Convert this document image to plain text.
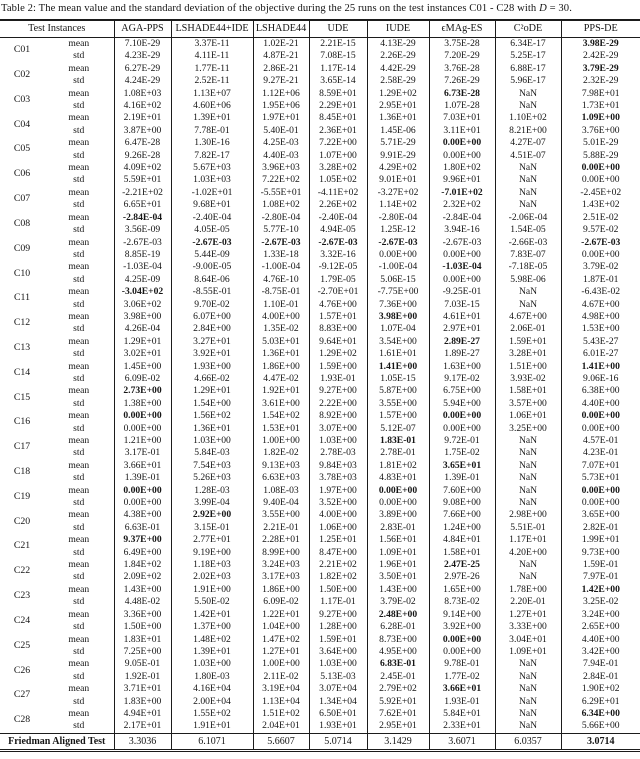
Table 2: The mean value and the standard deviation of the objective during the 25 runs on the test instances C01 - C28 with D = 30.
Test Instances		AGA-PPS	LSHADE44+IDE	LSHADE44	UDE	IUDE	ϵMAg-ES	C²oDE	PPS-DE
C01	mean	7.10E-29	3.37E-11	1.02E-21	2.21E-15	4.13E-29	3.75E-28	6.34E-17	3.98E-29
	std	4.23E-29	4.11E-11	4.87E-21	7.08E-15	2.26E-29	7.20E-29	5.25E-17	2.42E-29
C02	mean	6.27E-29	1.77E-11	2.86E-21	1.17E-14	4.42E-29	3.76E-28	6.88E-17	3.79E-29
	std	4.24E-29	2.52E-11	9.27E-21	3.65E-14	2.58E-29	7.26E-29	5.96E-17	2.32E-29
C03	mean	1.08E+03	1.13E+07	1.12E+06	8.59E+01	1.29E+02	6.73E-28	NaN	7.98E+01
	std	4.16E+02	4.60E+06	1.95E+06	2.29E+01	2.95E+01	1.07E-28	NaN	1.73E+01
C04	mean	2.19E+01	1.39E+01	1.97E+01	8.45E+01	1.36E+01	7.03E+01	1.10E+02	1.09E+00
	std	3.87E+00	7.78E-01	5.40E-01	2.36E+01	1.45E-06	3.11E+01	8.21E+00	3.76E+00
C05	mean	6.47E-28	1.30E-16	4.25E-03	7.22E+00	5.71E-29	0.00E+00	4.27E-07	5.01E-29
	std	9.26E-28	7.82E-17	4.40E-03	1.07E+00	9.91E-29	0.00E+00	4.51E-07	5.88E-29
C06	mean	4.09E+02	5.67E+03	3.96E+03	3.28E+02	4.29E+02	1.80E+02	NaN	0.00E+00
	std	5.59E+01	1.03E+03	7.22E+02	1.05E+02	9.01E+01	9.96E+01	NaN	0.00E+00
C07	mean	-2.21E+02	-1.02E+01	-5.55E+01	-4.11E+02	-3.27E+02	-7.01E+02	NaN	-2.45E+02
	std	6.65E+01	9.68E+01	1.08E+02	2.26E+02	1.14E+02	2.32E+02	NaN	1.43E+02
C08	mean	-2.84E-04	-2.40E-04	-2.80E-04	-2.40E-04	-2.80E-04	-2.84E-04	-2.06E-04	2.51E-02
	std	3.56E-09	4.05E-05	5.77E-10	4.94E-05	1.25E-12	3.94E-16	1.54E-05	9.57E-02
C09	mean	-2.67E-03	-2.67E-03	-2.67E-03	-2.67E-03	-2.67E-03	-2.67E-03	-2.66E-03	-2.67E-03
	std	8.85E-19	5.44E-09	1.33E-18	3.32E-16	0.00E+00	0.00E+00	7.83E-07	0.00E+00
C10	mean	-1.03E-04	-9.00E-05	-1.00E-04	-9.12E-05	-1.00E-04	-1.03E-04	-7.18E-05	3.79E-02
	std	4.25E-09	8.64E-06	4.76E-10	1.79E-05	5.06E-15	0.00E+00	5.98E-06	1.87E-01
C11	mean	-3.04E+02	-8.55E-01	-8.75E-01	-2.70E+01	-7.75E+00	-9.25E-01	NaN	-6.43E-02
	std	3.06E+02	9.70E-02	1.10E-01	4.76E+00	7.36E+00	7.03E-15	NaN	4.67E+00
C12	mean	3.98E+00	6.07E+00	4.00E+00	1.57E+01	3.98E+00	4.61E+01	4.67E+00	4.98E+00
	std	4.26E-04	2.84E+00	1.35E-02	8.83E+00	1.07E-04	2.97E+01	2.06E-01	1.53E+00
C13	mean	1.29E+01	3.27E+01	5.03E+01	9.64E+01	3.54E+00	2.89E-27	1.59E+01	5.43E-27
	std	3.02E+01	3.92E+01	1.36E+01	1.29E+02	1.61E+01	1.89E-27	3.28E+01	6.01E-27
C14	mean	1.45E+00	1.93E+00	1.86E+00	1.59E+00	1.41E+00	1.63E+00	1.51E+00	1.41E+00
	std	6.09E-02	4.66E-02	4.47E-02	1.93E-01	1.05E-15	9.17E-02	3.93E-02	9.06E-16
C15	mean	2.73E+00	1.29E+01	1.92E+01	9.27E+00	5.87E+00	6.75E+00	1.58E+01	6.38E+00
	std	1.38E+00	1.54E+00	3.61E+00	2.22E+00	3.55E+00	5.94E+00	3.57E+00	4.40E+00
C16	mean	0.00E+00	1.56E+02	1.54E+02	8.92E+00	1.57E+00	0.00E+00	1.06E+01	0.00E+00
	std	0.00E+00	1.36E+01	1.53E+01	3.07E+00	5.12E-07	0.00E+00	3.25E+00	0.00E+00
C17	mean	1.21E+00	1.03E+00	1.00E+00	1.03E+00	1.83E-01	9.72E-01	NaN	4.57E-01
	std	3.17E-01	5.84E-03	1.82E-02	2.78E-03	2.78E-01	1.75E-02	NaN	4.23E-01
C18	mean	3.66E+01	7.54E+03	9.13E+03	9.84E+03	1.81E+02	3.65E+01	NaN	7.07E+01
	std	1.39E-01	5.26E+03	6.63E+03	3.78E+03	4.83E+01	1.39E-01	NaN	5.73E+01
C19	mean	0.00E+00	1.28E-03	1.08E-03	1.97E+00	0.00E+00	7.60E+00	NaN	0.00E+00
	std	0.00E+00	3.99E-04	9.40E-04	3.52E+00	0.00E+00	9.08E+00	NaN	0.00E+00
C20	mean	4.38E+00	2.92E+00	3.55E+00	4.00E+00	3.89E+00	7.66E+00	2.98E+00	3.65E+00
	std	6.63E-01	3.15E-01	2.21E-01	1.06E+00	2.83E-01	1.24E+00	5.51E-01	2.82E-01
C21	mean	9.37E+00	2.77E+01	2.28E+01	1.25E+01	1.56E+01	4.84E+01	1.17E+01	1.99E+01
	std	6.49E+00	9.19E+00	8.99E+00	8.47E+00	1.09E+01	1.58E+01	4.20E+00	9.73E+00
C22	mean	1.84E+02	1.18E+03	3.24E+03	2.21E+02	1.96E+01	2.47E-25	NaN	1.59E-01
	std	2.09E+02	2.02E+03	3.17E+03	1.82E+02	3.50E+01	2.97E-26	NaN	7.97E-01
C23	mean	1.43E+00	1.91E+00	1.86E+00	1.50E+00	1.43E+00	1.65E+00	1.78E+00	1.42E+00
	std	4.48E-02	5.50E-02	6.09E-02	1.17E-01	3.79E-02	8.73E-02	2.20E-01	3.25E-02
C24	mean	3.36E+00	1.42E+01	1.22E+01	9.27E+00	2.48E+00	9.14E+00	1.27E+01	3.24E+00
	std	1.50E+00	1.37E+00	1.04E+00	1.28E+00	6.28E-01	3.92E+00	3.33E+00	2.65E+00
C25	mean	1.83E+01	1.48E+02	1.47E+02	1.59E+01	8.73E+00	0.00E+00	3.04E+01	4.40E+00
	std	7.25E+00	1.39E+01	1.27E+01	3.64E+00	4.95E+00	0.00E+00	1.09E+01	3.42E+00
C26	mean	9.05E-01	1.03E+00	1.00E+00	1.03E+00	6.83E-01	9.78E-01	NaN	7.94E-01
	std	1.92E-01	1.80E-03	2.11E-02	5.13E-03	2.45E-01	1.77E-02	NaN	2.84E-01
C27	mean	3.71E+01	4.16E+04	3.19E+04	3.07E+04	2.79E+02	3.66E+01	NaN	1.90E+02
	std	1.83E+00	2.00E+04	1.13E+04	1.34E+04	5.92E+01	1.93E-01	NaN	6.29E+01
C28	mean	4.94E+01	1.55E+02	1.51E+02	6.50E+01	7.62E+01	5.84E+01	NaN	6.34E+00
	std	2.17E+01	1.91E+01	2.04E+01	1.93E+01	2.95E+01	2.33E+01	NaN	5.66E+00
Friedman Aligned Test		3.3036	6.1071	5.6607	5.0714	3.1429	3.6071	6.0357	3.0714
